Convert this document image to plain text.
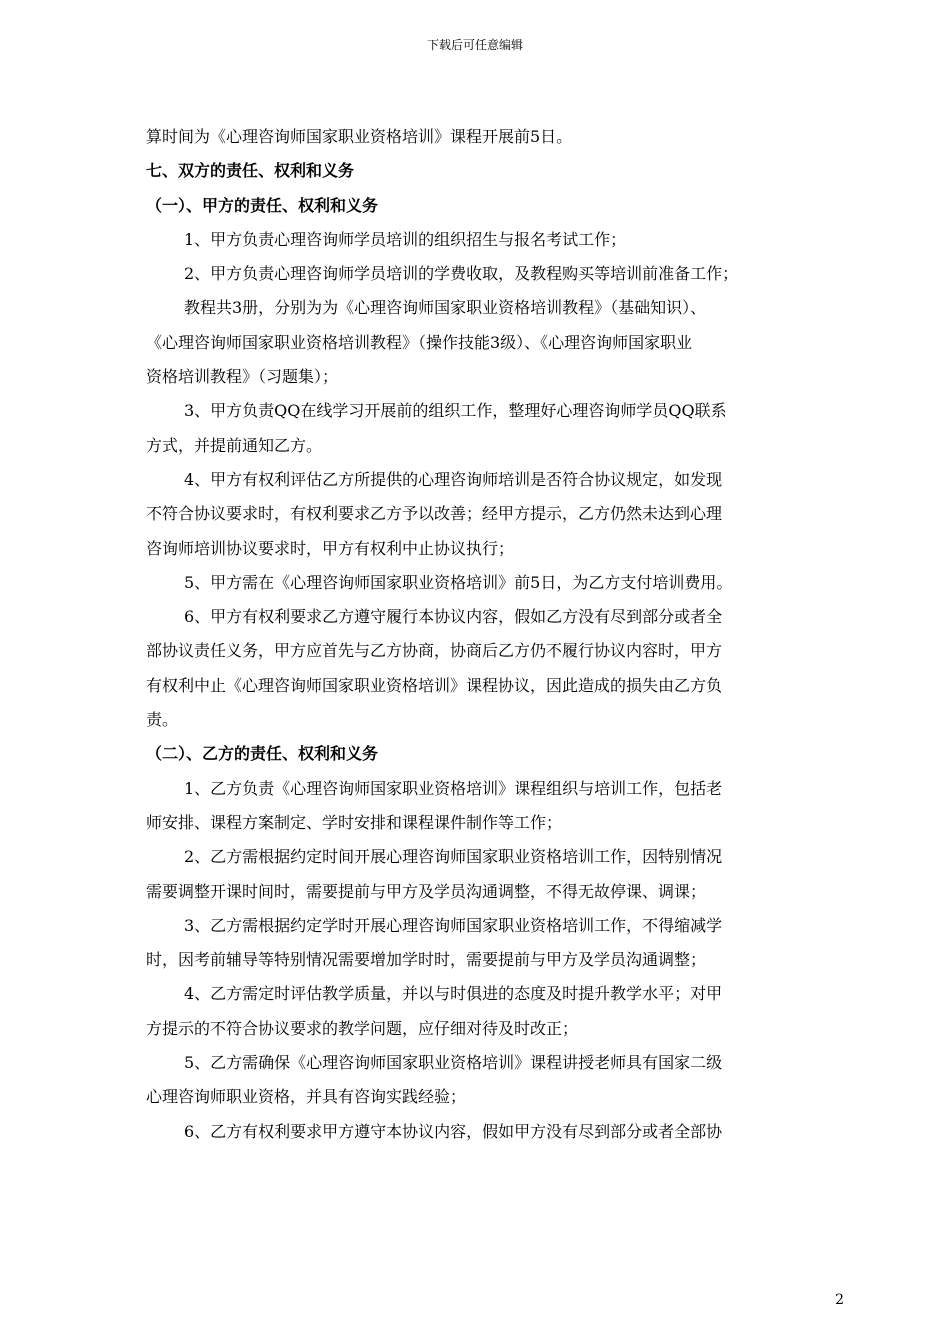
下载后可任意编辑

算时间为《心理咨询师国家职业资格培训》课程开展前5日。

七、双方的责任、权利和义务

（一）、甲方的责任、权利和义务

1、甲方负责心理咨询师学员培训的组织招生与报名考试工作；

2、甲方负责心理咨询师学员培训的学费收取，及教程购买等培训前准备工作；

教程共3册，分别为为《心理咨询师国家职业资格培训教程》（基础知识）、

《心理咨询师国家职业资格培训教程》（操作技能3级）、《心理咨询师国家职业

资格培训教程》（习题集）；

3、甲方负责QQ在线学习开展前的组织工作，整理好心理咨询师学员QQ联系

方式，并提前通知乙方。

4、甲方有权利评估乙方所提供的心理咨询师培训是否符合协议规定，如发现

不符合协议要求时，有权利要求乙方予以改善；经甲方提示，乙方仍然未达到心理

咨询师培训协议要求时，甲方有权利中止协议执行；

5、甲方需在《心理咨询师国家职业资格培训》前5日，为乙方支付培训费用。

6、甲方有权利要求乙方遵守履行本协议内容，假如乙方没有尽到部分或者全

部协议责任义务，甲方应首先与乙方协商，协商后乙方仍不履行协议内容时，甲方

有权利中止《心理咨询师国家职业资格培训》课程协议，因此造成的损失由乙方负

责。

（二）、乙方的责任、权利和义务

1、乙方负责《心理咨询师国家职业资格培训》课程组织与培训工作，包括老

师安排、课程方案制定、学时安排和课程课件制作等工作；

2、乙方需根据约定时间开展心理咨询师国家职业资格培训工作，因特别情况

需要调整开课时间时，需要提前与甲方及学员沟通调整，不得无故停课、调课；

3、乙方需根据约定学时开展心理咨询师国家职业资格培训工作，不得缩减学

时，因考前辅导等特别情况需要增加学时时，需要提前与甲方及学员沟通调整；

4、乙方需定时评估教学质量，并以与时俱进的态度及时提升教学水平；对甲

方提示的不符合协议要求的教学问题，应仔细对待及时改正；

5、乙方需确保《心理咨询师国家职业资格培训》课程讲授老师具有国家二级

心理咨询师职业资格，并具有咨询实践经验；

6、乙方有权利要求甲方遵守本协议内容，假如甲方没有尽到部分或者全部协

2
